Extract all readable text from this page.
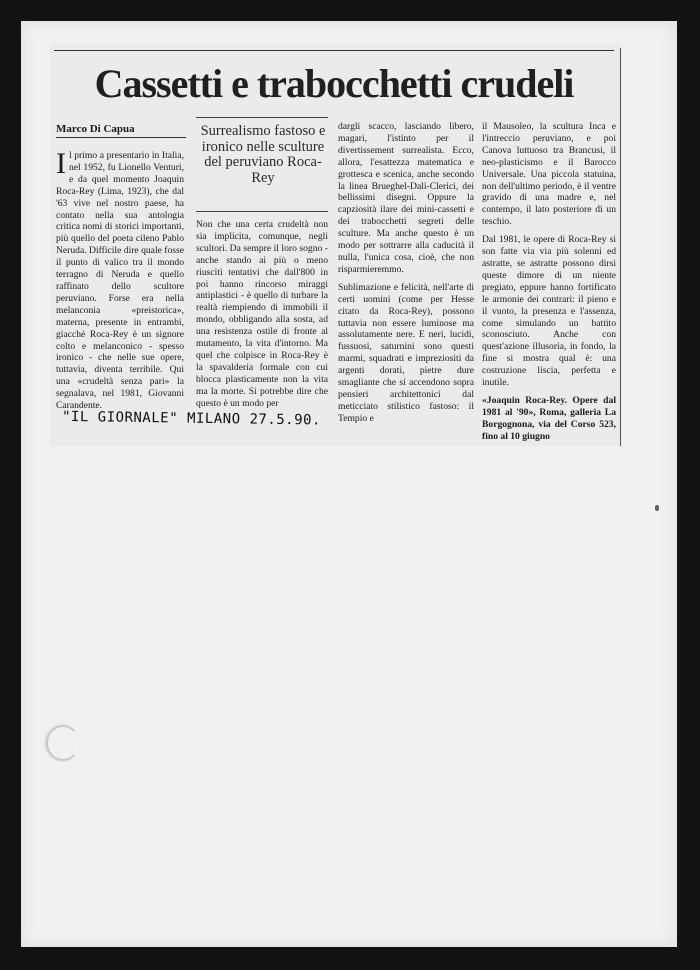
Cassetti e trabocchetti crudeli
Marco Di Capua
Il primo a presentario in Italia, nel 1952, fu Lionello Venturi, e da quel momento Joaquin Roca-Rey (Lima, 1923), che dal '63 vive nel nostro paese, ha contato nella sua antologia critica nomi di storici importanti, più quello del poeta cileno Pablo Neruda. Difficile dire quale fosse il punto di valico tra il mondo terragno di Neruda e quello raffinato dello scultore peruviano. Forse era nella melanconia «preistorica», materna, presente in entrambi, giacché Roca-Rey è un signore colto e melanconico - spesso ironico - che nelle sue opere, tuttavia, diventa terribile. Qui una «crudeltà senza pari» la segnalava, nel 1981, Giovanni Carandente.
Surrealismo fastoso e ironico nelle sculture del peruviano Roca-Rey

Non che una certa crudeltà non sia implicita, comunque, negli scultori. Da sempre il loro sogno - anche stando ai più o meno riusciti tentativi che dall'800 in poi hanno rincorso miraggi antiplastici - è quello di turbare la realtà riempiendo di immobili il mondo, obbligando alla sosta, ad una resistenza ostile di fronte al mutamento, la vita d'intorno. Ma quel che colpisce in Roca-Rey è la spavalderia formale con cui blocca plasticamente non la vita ma la morte. Si potrebbe dire che questo è un modo per

dargli scacco, lasciando libero, magari, l'istinto per il divertissement surrealista. Ecco, allora, l'esattezza matematica e grottesca e scenica, anche secondo la linea Brueghel-Dalì-Clerici, dei bellissimi disegni. Oppure la capziosità ilare dei mini-cassetti e dei trabocchetti segreti delle sculture. Ma anche questo è un modo per sottrarre alla caducità il nulla, l'unica cosa, cioè, che non risparmieremmo.

Sublimazione e felicità, nell'arte di certi uomini (come per Hesse citato da Roca-Rey), possono tuttavia non essere luminose ma assolutamente nere. E neri, lucidi, fussuosi, saturnini sono questi marmi, squadrati e impreziositi da argenti dorati, pietre dure smagliante che si accendono sopra pensieri architettonici dal meticciato stilistico fastoso: il Tempio e

il Mausoleo, la scultura Inca e l'intreccio peruviano, e poi Canova luttuoso tra Brancusi, il neo-plasticismo e il Barocco Universale. Una piccola statuina, non dell'ultimo periodo, è il ventre gravido di una madre e, nel contempo, il lato posteriore di un teschio.

Dal 1981, le opere di Roca-Rey si son fatte via via più solenni ed astratte, se astratte possono dirsi queste dimore di un niente pregiato, eppure hanno fortificato le armonie dei contrari: il pieno e il vuoto, la presenza e l'assenza, come simulando un battito sconosciuto. Anche con quest'azione illusoria, in fondo, la fine si mostra qual è: una costruzione liscia, perfetta e inutile.

«Joaquin Roca-Rey. Opere dal 1981 al '90», Roma, galleria La Borgognona, via del Corso 523, fino al 10 giugno

"IL GIORNALE" MILANO 27.5.90.
